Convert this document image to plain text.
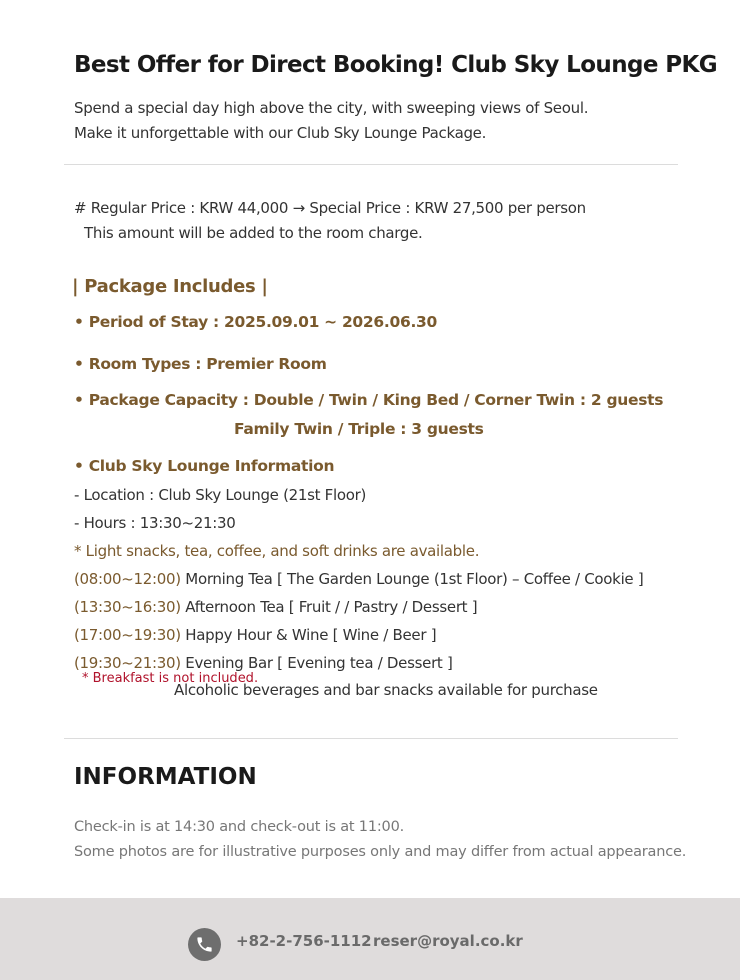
Best Offer for Direct Booking! Club Sky Lounge PKG
Spend a special day high above the city, with sweeping views of Seoul.
Make it unforgettable with our Club Sky Lounge Package.
# Regular Price : KRW 44,000 → Special Price : KRW 27,500 per person
This amount will be added to the room charge.
| Package Includes |
• Period of Stay : 2025.09.01 ~ 2026.06.30
• Room Types : Premier Room
• Package Capacity : Double / Twin / King Bed / Corner Twin : 2 guests
Family Twin / Triple : 3 guests
• Club Sky Lounge Information
- Location : Club Sky Lounge (21st Floor)
- Hours : 13:30~21:30
* Light snacks, tea, coffee, and soft drinks are available.
(08:00~12:00) Morning Tea [ The Garden Lounge (1st Floor) – Coffee / Cookie ]
(13:30~16:30) Afternoon Tea [ Fruit / / Pastry / Dessert ]
(17:00~19:30) Happy Hour & Wine [ Wine / Beer ]
(19:30~21:30) Evening Bar [ Evening tea / Dessert ]
Alcoholic beverages and bar snacks available for purchase
* Breakfast is not included.
INFORMATION
Check-in is at 14:30 and check-out is at 11:00.
Some photos are for illustrative purposes only and may differ from actual appearance.
+82-2-756-1112 reser@royal.co.kr
